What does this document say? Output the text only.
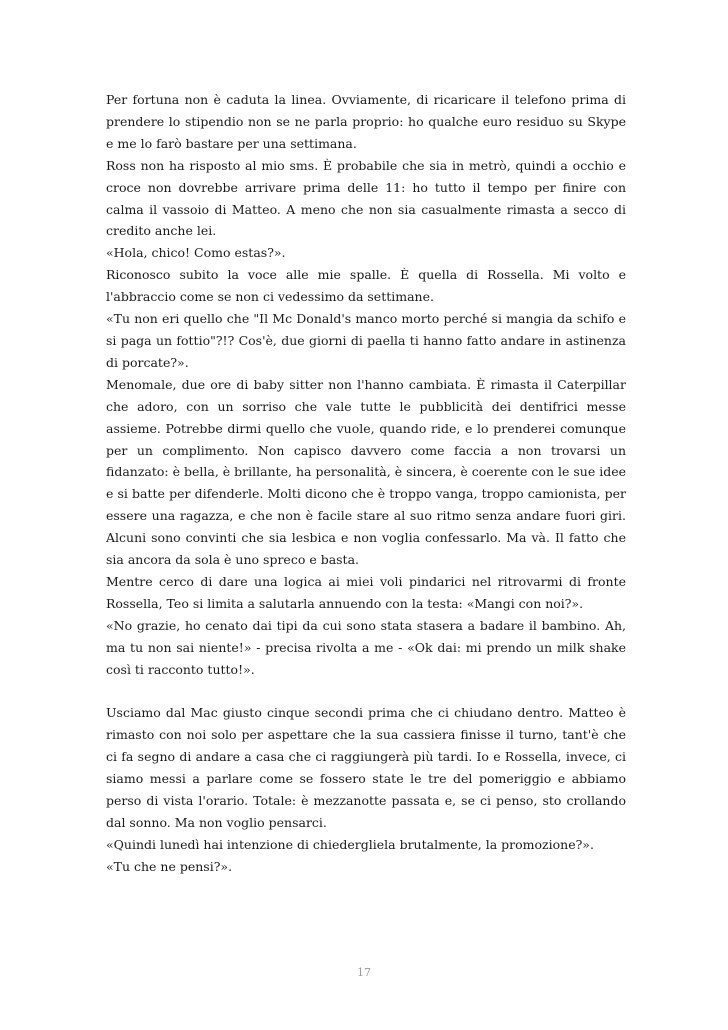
Per fortuna non è caduta la linea. Ovviamente, di ricaricare il telefono prima di prendere lo stipendio non se ne parla proprio: ho qualche euro residuo su Skype e me lo farò bastare per una settimana.

Ross non ha risposto al mio sms. È probabile che sia in metrò, quindi a occhio e croce non dovrebbe arrivare prima delle 11: ho tutto il tempo per finire con calma il vassoio di Matteo. A meno che non sia casualmente rimasta a secco di credito anche lei.

«Hola, chico! Como estas?».

Riconosco subito la voce alle mie spalle. È quella di Rossella. Mi volto e l'abbraccio come se non ci vedessimo da settimane.

«Tu non eri quello che "Il Mc Donald's manco morto perché si mangia da schifo e si paga un fottio"?!? Cos'è, due giorni di paella ti hanno fatto andare in astinenza di porcate?».

Menomale, due ore di baby sitter non l'hanno cambiata. È rimasta il Caterpillar che adoro, con un sorriso che vale tutte le pubblicità dei dentifrici messe assieme. Potrebbe dirmi quello che vuole, quando ride, e lo prenderei comunque per un complimento. Non capisco davvero come faccia a non trovarsi un fidanzato: è bella, è brillante, ha personalità, è sincera, è coerente con le sue idee e si batte per difenderle. Molti dicono che è troppo vanga, troppo camionista, per essere una ragazza, e che non è facile stare al suo ritmo senza andare fuori giri. Alcuni sono convinti che sia lesbica e non voglia confessarlo. Ma và. Il fatto che sia ancora da sola è uno spreco e basta.

Mentre cerco di dare una logica ai miei voli pindarici nel ritrovarmi di fronte Rossella, Teo si limita a salutarla annuendo con la testa: «Mangi con noi?».

«No grazie, ho cenato dai tipi da cui sono stata stasera a badare il bambino. Ah, ma tu non sai niente!» - precisa rivolta a me - «Ok dai: mi prendo un milk shake così ti racconto tutto!».

Usciamo dal Mac giusto cinque secondi prima che ci chiudano dentro. Matteo è rimasto con noi solo per aspettare che la sua cassiera finisse il turno, tant'è che ci fa segno di andare a casa che ci raggiungerà più tardi. Io e Rossella, invece, ci siamo messi a parlare come se fossero state le tre del pomeriggio e abbiamo perso di vista l'orario. Totale: è mezzanotte passata e, se ci penso, sto crollando dal sonno. Ma non voglio pensarci.

«Quindi lunedì hai intenzione di chiedergliela brutalmente, la promozione?».

«Tu che ne pensi?».

17
